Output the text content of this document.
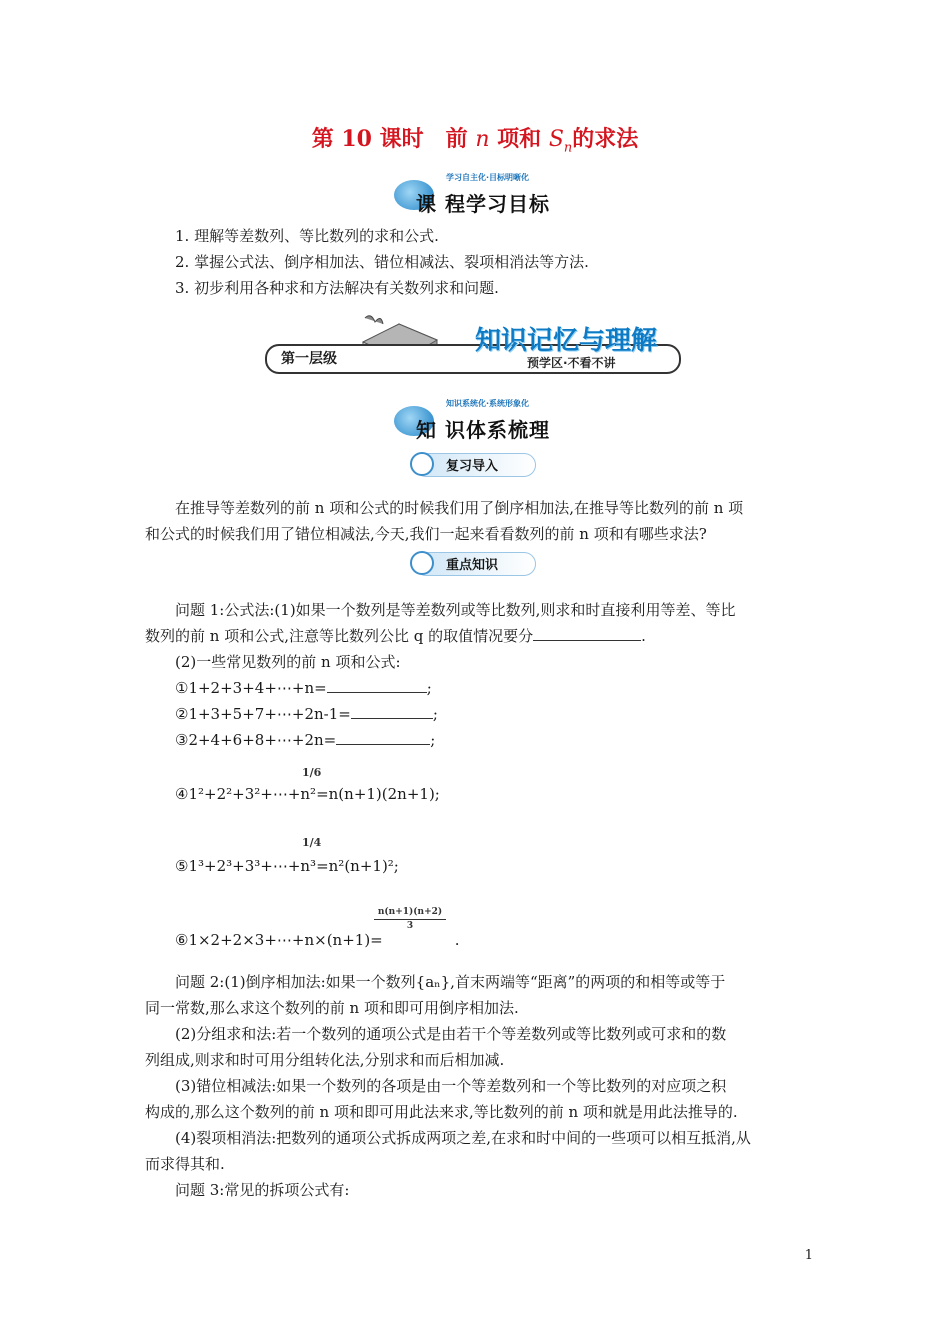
第 10 课时　前 n 项和 $S_n$的求法
学习自主化·目标明晰化
课 程学习目标
1. 理解等差数列、等比数列的求和公式.
2. 掌握公式法、倒序相加法、错位相减法、裂项相消法等方法.
3. 初步利用各种求和方法解决有关数列求和问题.
第一层级
知识记忆与理解
预学区·不看不讲
知识系统化·系统形象化
知 识体系梳理
复习导入
在推导等差数列的前 n 项和公式的时候我们用了倒序相加法,在推导等比数列的前 n 项
和公式的时候我们用了错位相减法,今天,我们一起来看看数列的前 n 项和有哪些求法?
重点知识
问题 1:公式法:(1)如果一个数列是等差数列或等比数列,则求和时直接利用等差、等比
数列的前 n 项和公式,注意等比数列公比 q 的取值情况要分	.
(2)一些常见数列的前 n 项和公式:
①1+2+3+4+⋯+n=	;
②1+3+5+7+⋯+2n-1=	;
③2+4+6+8+⋯+2n=	;
1/6
④1²+2²+3²+⋯+n²=n(n+1)(2n+1);
1/4
⑤1³+2³+3³+⋯+n³=n²(n+1)²;
$\frac{n(n+1)(n+2)}{3}$
⑥1×2+2×3+⋯+n×(n+1)=	.
问题 2:(1)倒序相加法:如果一个数列{aₙ},首末两端等“距离”的两项的和相等或等于
同一常数,那么求这个数列的前 n 项和即可用倒序相加法.
(2)分组求和法:若一个数列的通项公式是由若干个等差数列或等比数列或可求和的数
列组成,则求和时可用分组转化法,分别求和而后相加减.
(3)错位相减法:如果一个数列的各项是由一个等差数列和一个等比数列的对应项之积
构成的,那么这个数列的前 n 项和即可用此法来求,等比数列的前 n 项和就是用此法推导的.
(4)裂项相消法:把数列的通项公式拆成两项之差,在求和时中间的一些项可以相互抵消,从
而求得其和.
问题 3:常见的拆项公式有:
1
